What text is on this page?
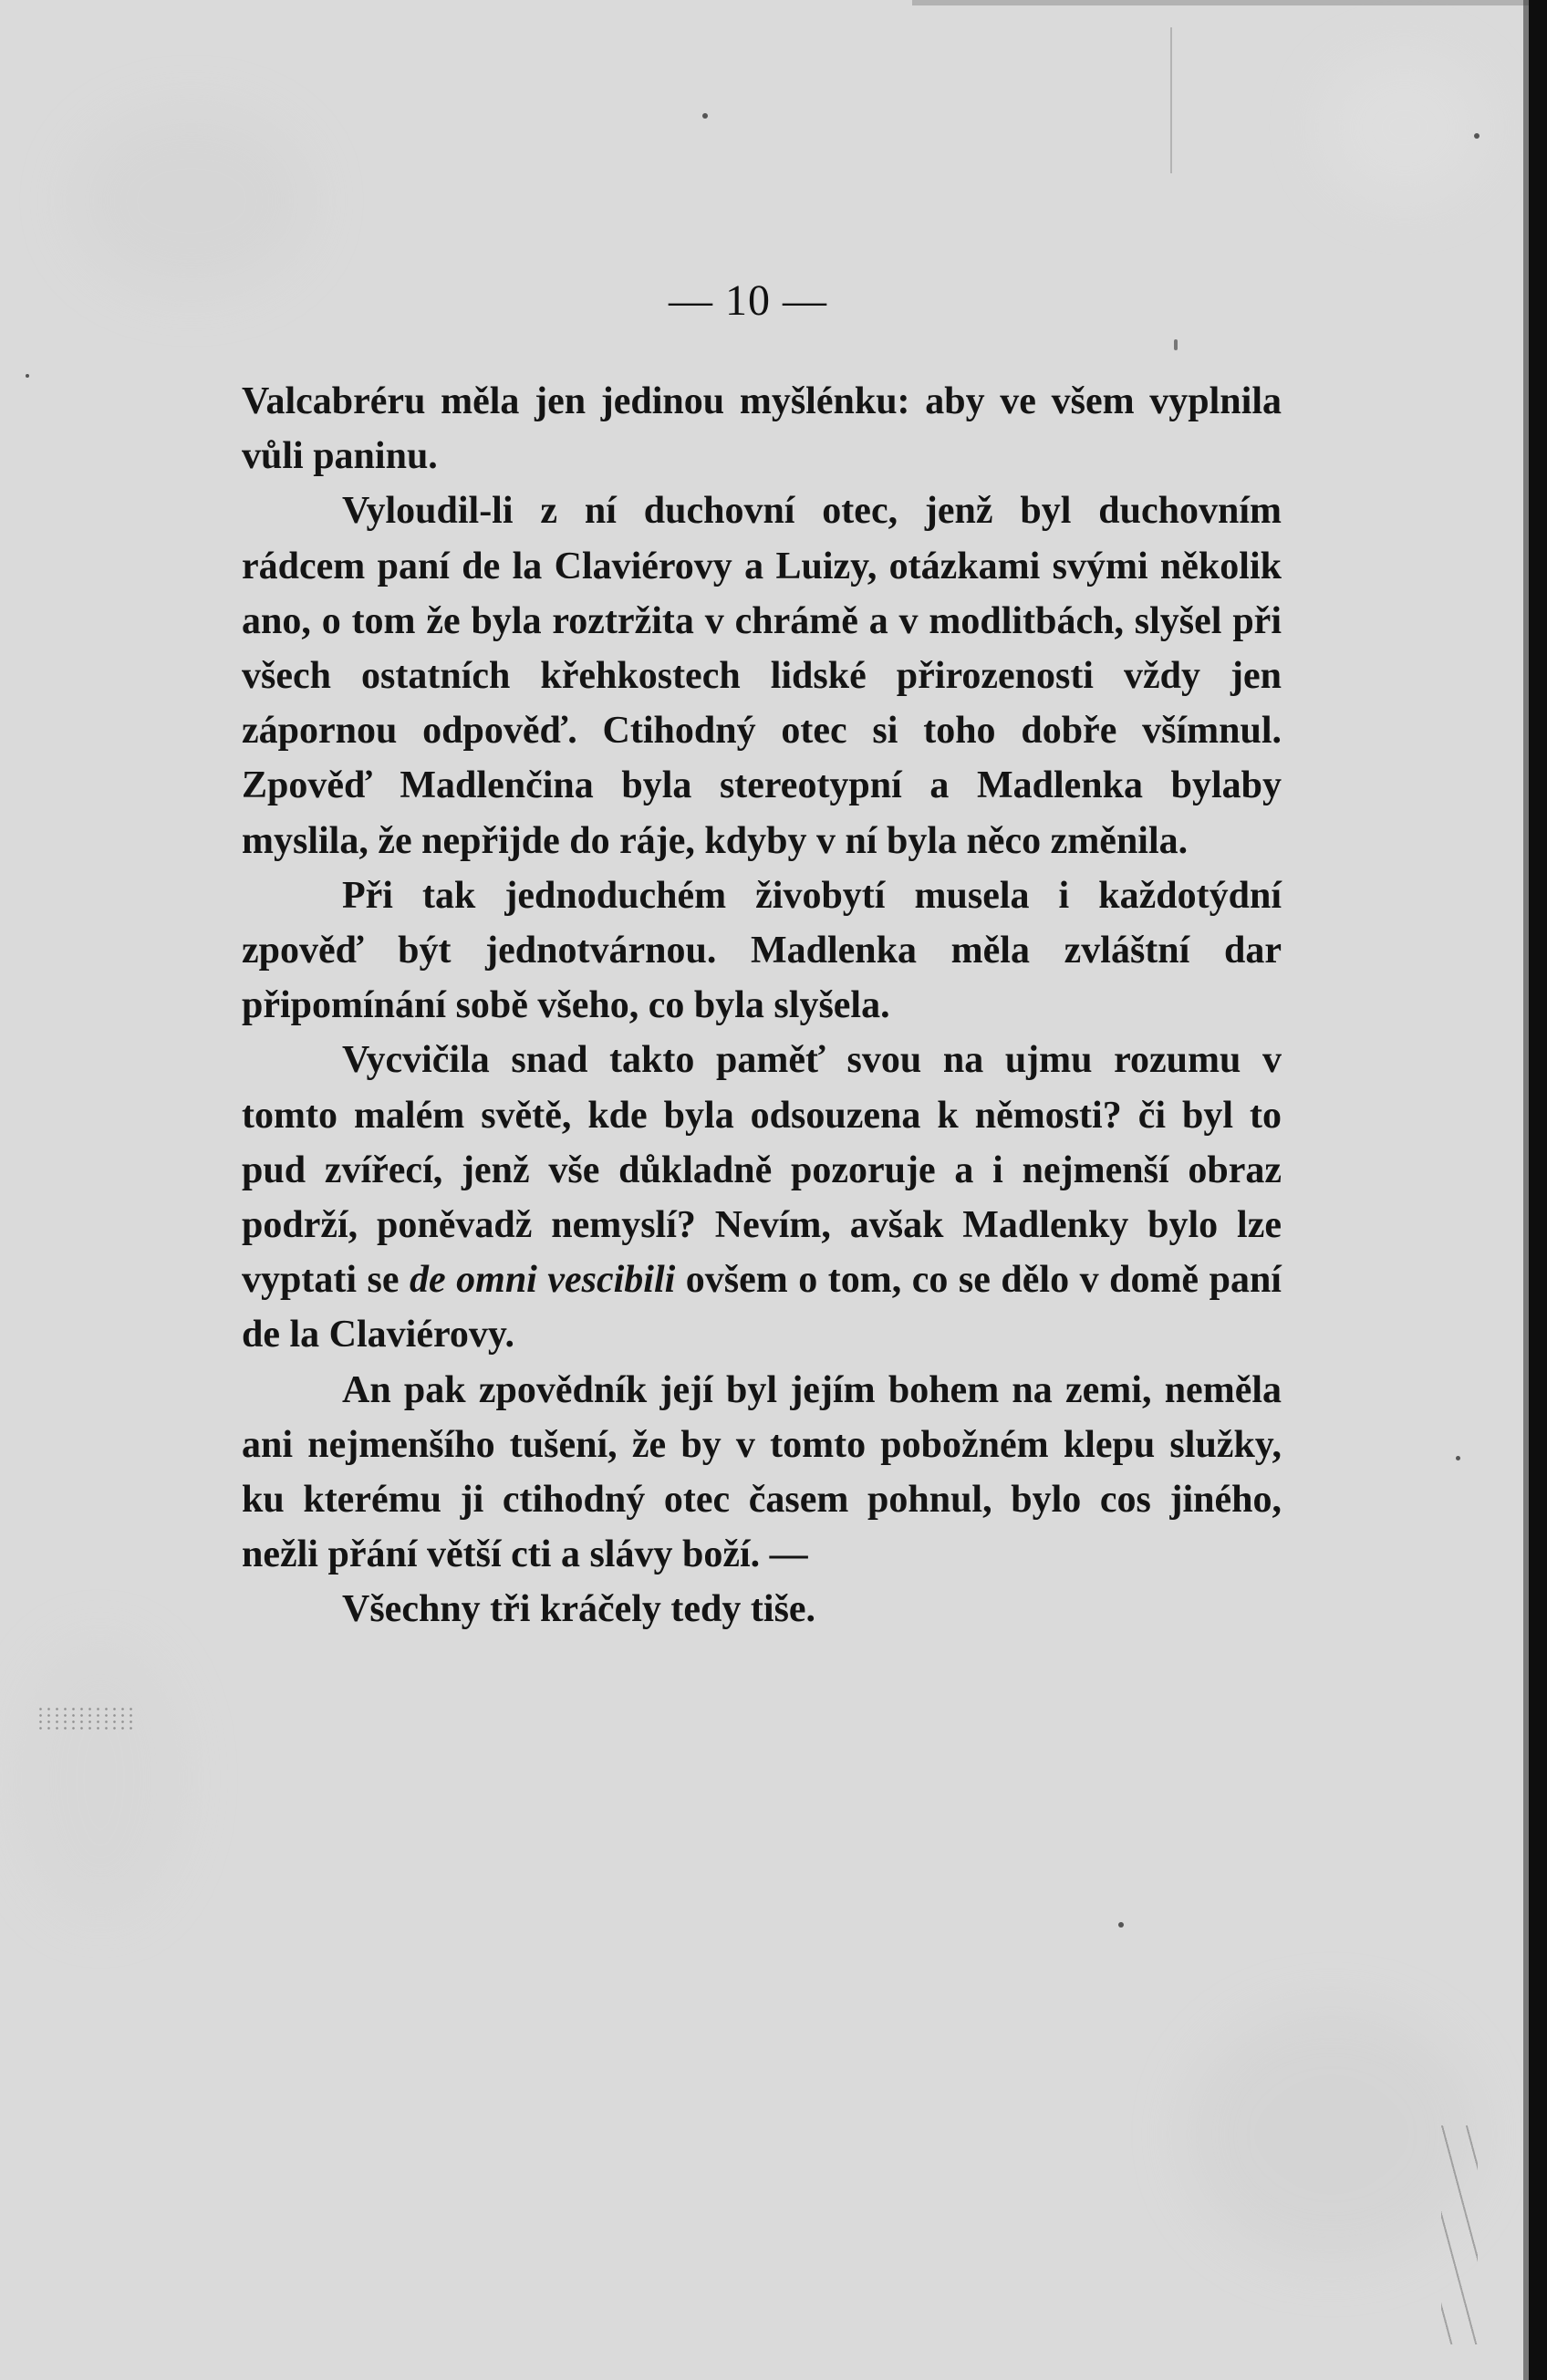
— 10 —

Valcabréru měla jen jedinou myšlénku: aby ve všem vyplnila vůli paninu.

Vyloudil-li z ní duchovní otec, jenž byl duchovním rádcem paní de la Claviérovy a Luizy, otázkami svými několik ano, o tom že byla roztržita v chrámě a v modlitbách, slyšel při všech ostatních křehkostech lidské přirozenosti vždy jen zápornou odpověď. Ctihodný otec si toho dobře všímnul. Zpověď Madlenčina byla stereotypní a Madlenka bylaby myslila, že nepřijde do ráje, kdyby v ní byla něco změnila.

Při tak jednoduchém živobytí musela i každotýdní zpověď být jednotvárnou. Madlenka měla zvláštní dar připomínání sobě všeho, co byla slyšela.

Vycvičila snad takto paměť svou na ujmu rozumu v tomto malém světě, kde byla odsouzena k němosti? či byl to pud zvířecí, jenž vše důkladně pozoruje a i nejmenší obraz podrží, poněvadž nemyslí? Nevím, avšak Madlenky bylo lze vyptati se de omni vescibili ovšem o tom, co se dělo v domě paní de la Claviérovy.

An pak zpovědník její byl jejím bohem na zemi, neměla ani nejmenšího tušení, že by v tomto pobožném klepu služky, ku kterému ji ctihodný otec časem pohnul, bylo cos jiného, nežli přání větší cti a slávy boží. —

Všechny tři kráčely tedy tiše.
